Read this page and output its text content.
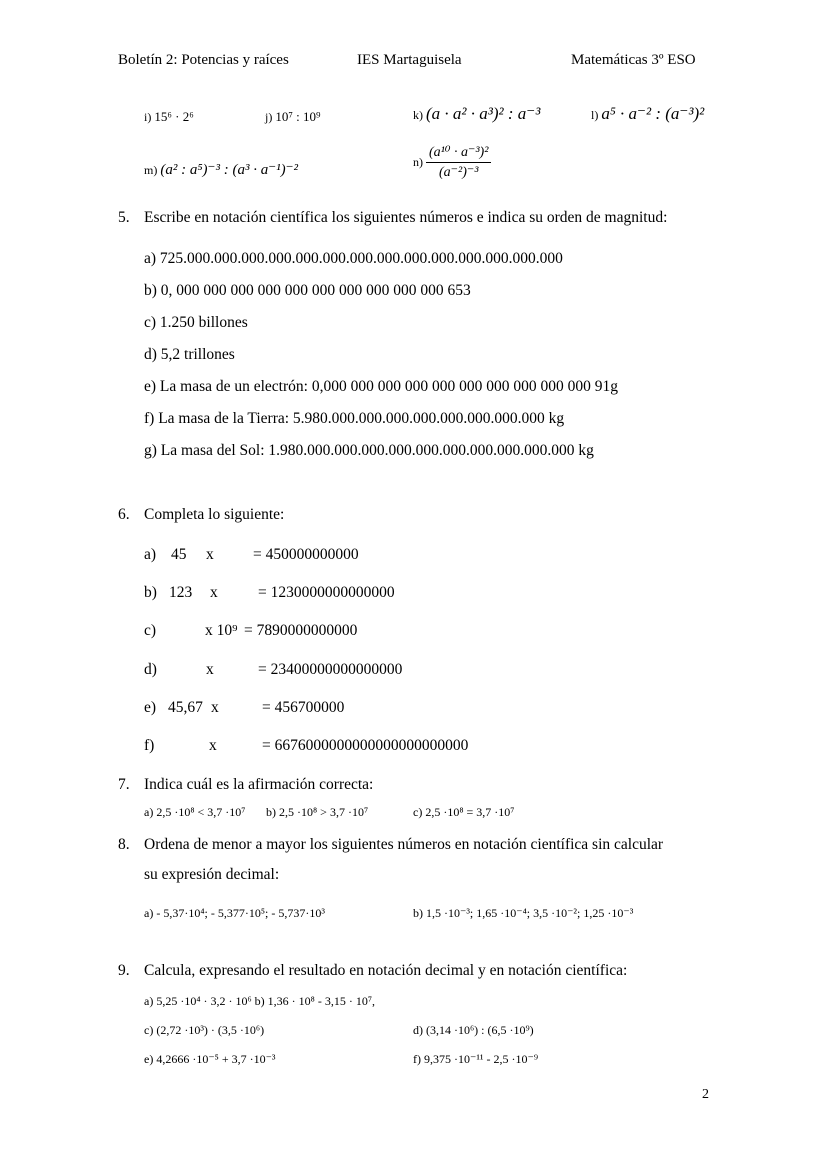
Boletín 2: Potencias y raíces	IES Martaguisela	Matemáticas 3º ESO
i) 15⁶ · 2⁶	j) 10⁷ : 10⁹	k) (a · a² · a³)² : a⁻³	l) a⁵ · a⁻² : (a⁻³)²
m) (a² : a⁵)⁻³ : (a³ · a⁻¹)⁻²	$n) \frac{\text{(a¹⁰ · a⁻³)²}}{\text{(a⁻²)⁻³}}$
5. Escribe en notación científica los siguientes números e indica su orden de magnitud:
a) 725.000.000.000.000.000.000.000.000.000.000.000.000.000.000
b) 0, 000 000 000 000 000 000 000 000 000 000 653
c) 1.250 billones
d) 5,2 trillones
e) La masa de un electrón: 0,000 000 000 000 000 000 000 000 000 000 91g
f) La masa de la Tierra: 5.980.000.000.000.000.000.000.000.000 kg
g) La masa del Sol: 1.980.000.000.000.000.000.000.000.000.000.000 kg
6. Completa lo siguiente:
a) 45 x	= 450000000000
b) 123 x	= 1230000000000000
c)	x 10⁹ = 7890000000000
d)	x	= 23400000000000000
e) 45,67 x	= 456700000
f)	x	= 6676000000000000000000000
7. Indica cuál es la afirmación correcta:
a) 2,5 ·10⁸ < 3,7 ·10⁷ b) 2,5 ·10⁸ > 3,7 ·10⁷	c) 2,5 ·10⁸ = 3,7 ·10⁷
8. Ordena de menor a mayor los siguientes números en notación científica sin calcular
su expresión decimal:
a) - 5,37·10⁴; - 5,377·10⁵; - 5,737·10³	b) 1,5 ·10⁻³; 1,65 ·10⁻⁴; 3,5 ·10⁻²; 1,25 ·10⁻³
9. Calcula, expresando el resultado en notación decimal y en notación científica:
a) 5,25 ·10⁴ · 3,2 · 10⁶ b) 1,36 · 10⁸ - 3,15 · 10⁷,
c) (2,72 ·10³) · (3,5 ·10⁶)	d) (3,14 ·10⁶) : (6,5 ·10⁹)
e) 4,2666 ·10⁻⁵ + 3,7 ·10⁻³	f) 9,375 ·10⁻¹¹ - 2,5 ·10⁻⁹
2
